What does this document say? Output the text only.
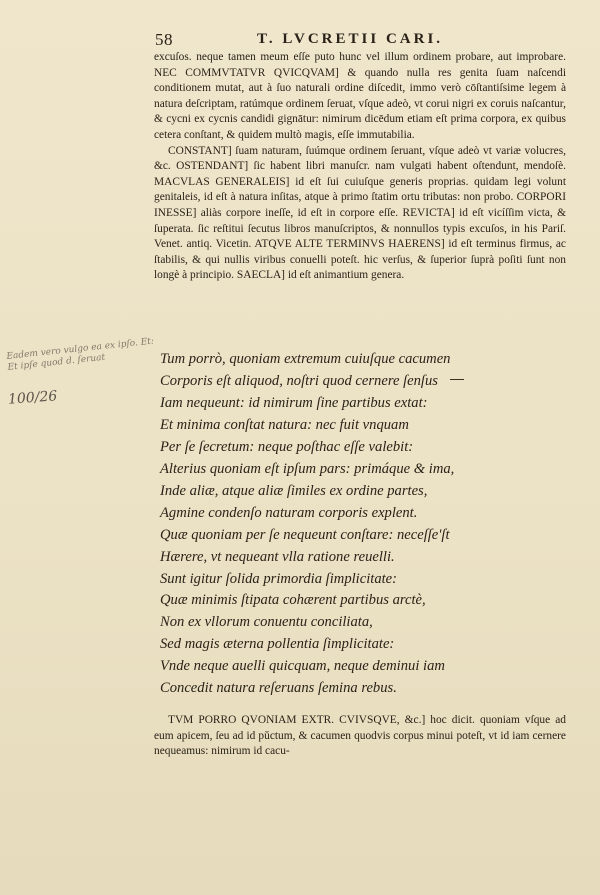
58	T. LVCRETII CARI.

excuſos. neque tamen meum eſſe puto hunc vel illum ordinem probare, aut improbare. NEC COMMVTATVR QVICQVAM] & quando nulla res genita ſuam naſcendi conditionem mutat, aut à ſuo naturali ordine diſcedit, immo verò cōſtantiſsime legem à natura deſcriptam, ratúmque ordinem ſeruat, vſque adeò, vt corui nigri ex coruis naſcantur, & cycni ex cycnis candidi gignātur: nimirum dicēdum etiam eſt prima corpora, ex quibus cetera conſtant, & quidem multò magis, eſſe immutabilia.

CONSTANT] ſuam naturam, ſuúmque ordinem ſeruant, vſque adeò vt variæ volucres, &c. OSTENDANT] ſic habent libri manuſcr. nam vulgati habent oſtendunt, mendoſè. MACVLAS GENERALEIS] id eſt ſui cuiuſque generis proprias. quidam legi volunt genitaleis, id eſt à natura inſitas, atque à primo ſtatim ortu tributas: non probo. CORPORI INESSE] aliàs corpore ineſſe, id eſt in corpore eſſe. REVICTA] id eſt vicíſſim victa, & ſuperata. ſic reſtitui ſecutus libros manuſcriptos, & nonnullos typis excuſos, in his Pariſ. Venet. antiq. Vicetin. ATQVE ALTE TERMINVS HAERENS] id eſt terminus firmus, ac ſtabilis, & qui nullis viribus conuelli poteſt. hic verſus, & ſuperior ſuprà poſiti ſunt non longè à principio. SAECLA] id eſt animantium genera.

Eadem vero vulgo ea ex ipſo. Et: Et ipſe quod d. ſeruat
100/26
Tum porrò, quoniam extremum cuiuſque cacumen
Corporis eſt aliquod, noſtri quod cernere ſenſus
Iam nequeunt: id nimirum ſine partibus extat:
Et minima conſtat natura: nec fuit vnquam
Per ſe ſecretum: neque poſthac eſſe valebit:
Alterius quoniam eſt ipſum pars: primáque & ima,
Inde aliæ, atque aliæ ſimiles ex ordine partes,
Agmine condenſo naturam corporis explent.
Quæ quoniam per ſe nequeunt conſtare: neceſſe'ſt
Hærere, vt nequeant vlla ratione reuelli.
Sunt igitur ſolida primordia ſimplicitate:
Quæ minimis ſtipata cohærent partibus arctè,
Non ex vllorum conuentu conciliata,
Sed magis æterna pollentia ſimplicitate:
Vnde neque auelli quicquam, neque deminui iam
Concedit natura reſeruans ſemina rebus.

TVM PORRO QVONIAM EXTR. CVIVSQVE, &c.] hoc dicit. quoniam vſque ad eum apicem, ſeu ad id pŭctum, & cacumen quodvis corpus minui poteſt, vt id iam cernere nequeamus: nimirum id cacu-
